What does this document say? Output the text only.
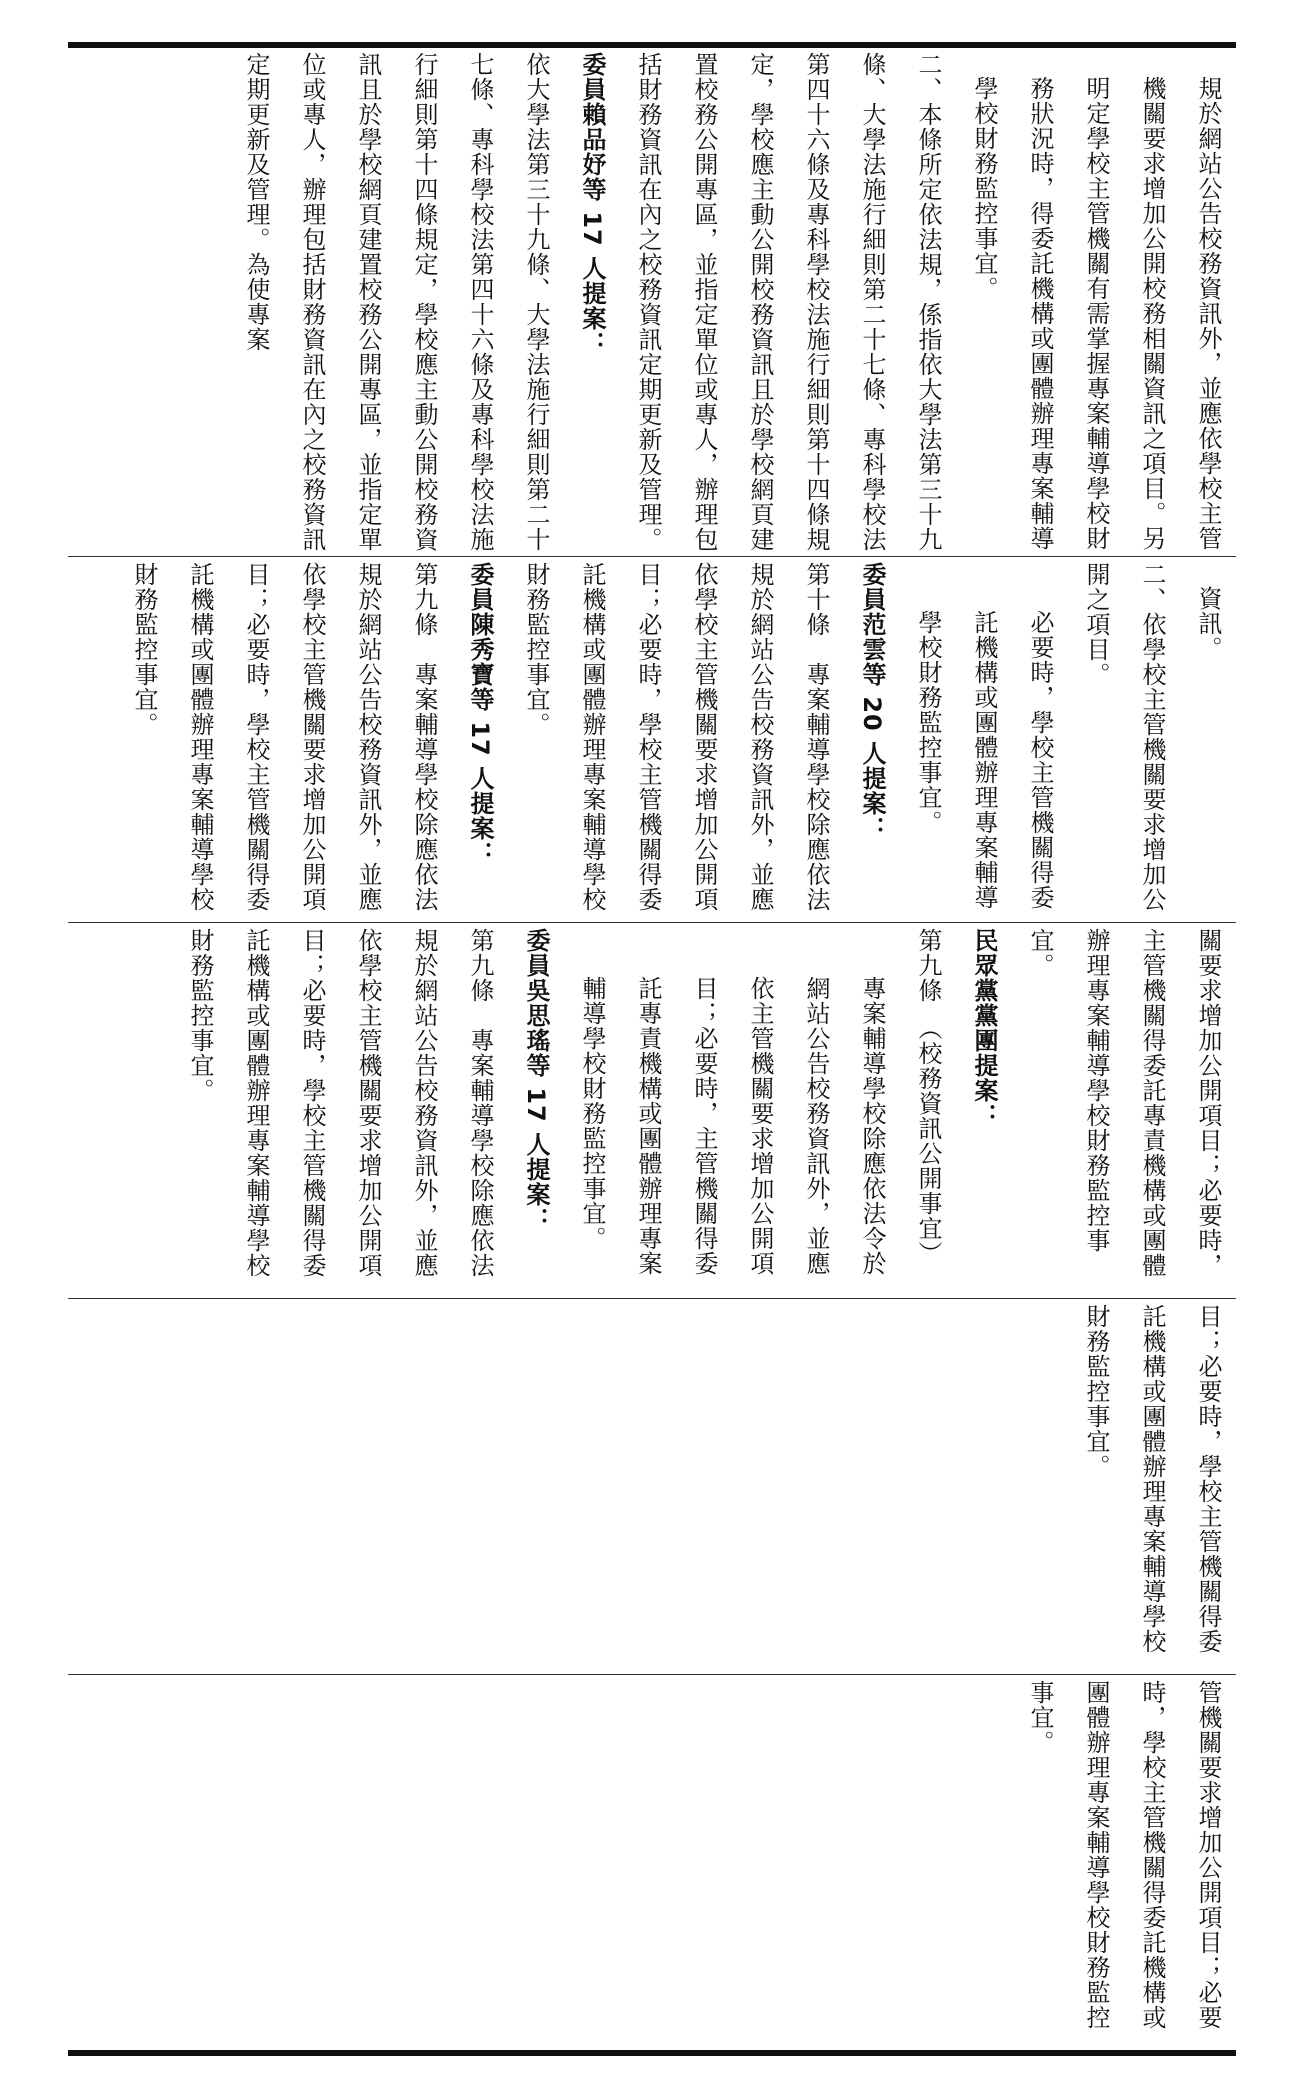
規於網站公告校務資訊外，並應依學校主管機關要求增加公開校務相關資訊之項目。另明定學校主管機關有需掌握專案輔導學校財務狀況時，得委託機構或團體辦理專案輔導學校財務監控事宜。

二、本條所定依法規，係指依大學法第三十九條、大學法施行細則第二十七條、專科學校法第四十六條及專科學校法施行細則第十四條規定，學校應主動公開校務資訊且於學校網頁建置校務公開專區，並指定單位或專人，辦理包括財務資訊在內之校務資訊定期更新及管理。

委員賴品妤等 17 人提案：

依大學法第三十九條、大學法施行細則第二十七條、專科學校法第四十六條及專科學校法施行細則第十四條規定，學校應主動公開校務資訊且於學校網頁建置校務公開專區，並指定單位或專人，辦理包括財務資訊在內之校務資訊定期更新及管理。為使專案

資訊。

二、依學校主管機關要求增加公開之項目。

必要時，學校主管機關得委託機構或團體辦理專案輔導學校財務監控事宜。

委員范雲等 20 人提案：

第十條　專案輔導學校除應依法規於網站公告校務資訊外，並應依學校主管機關要求增加公開項目；必要時，學校主管機關得委託機構或團體辦理專案輔導學校財務監控事宜。

委員陳秀寶等 17 人提案：

第九條　專案輔導學校除應依法規於網站公告校務資訊外，並應依學校主管機關要求增加公開項目；必要時，學校主管機關得委託機構或團體辦理專案輔導學校財務監控事宜。

關要求增加公開項目；必要時，主管機關得委託專責機構或團體辦理專案輔導學校財務監控事宜。

民眾黨黨團提案：

第九條　（校務資訊公開事宜）

專案輔導學校除應依法令於網站公告校務資訊外，並應依主管機關要求增加公開項目；必要時，主管機關得委託專責機構或團體辦理專案輔導學校財務監控事宜。

委員吳思瑤等 17 人提案：

第九條　專案輔導學校除應依法規於網站公告校務資訊外，並應依學校主管機關要求增加公開項目；必要時，學校主管機關得委託機構或團體辦理專案輔導學校財務監控事宜。

目；必要時，學校主管機關得委託機構或團體辦理專案輔導學校財務監控事宜。

管機關要求增加公開項目；必要時，學校主管機關得委託機構或團體辦理專案輔導學校財務監控事宜。
